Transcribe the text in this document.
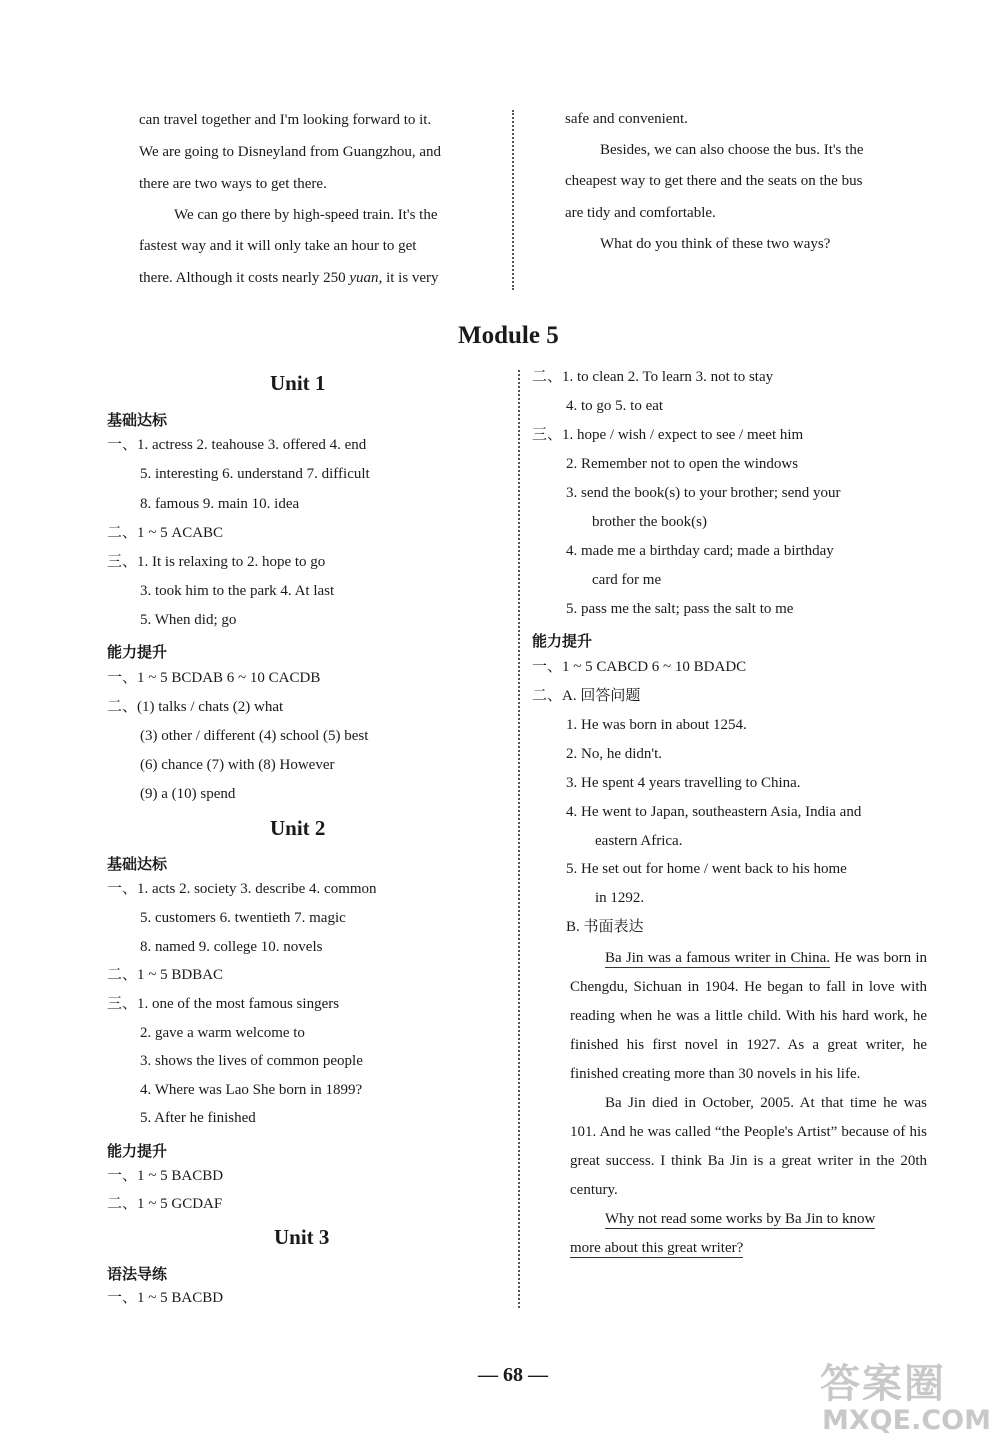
can travel together and I'm looking forward to it.
We are going to Disneyland from Guangzhou, and
there are two ways to get there.
We can go there by high-speed train. It's the
fastest way and it will only take an hour to get
there. Although it costs nearly 250 yuan, it is very
safe and convenient.
Besides, we can also choose the bus. It's the
cheapest way to get there and the seats on the bus
are tidy and comfortable.
What do you think of these two ways?
Module 5
Unit 1
基础达标
一、1. actress 2. teahouse 3. offered 4. end
5. interesting 6. understand 7. difficult
8. famous 9. main 10. idea
二、1 ~ 5 ACABC
三、1. It is relaxing to 2. hope to go
3. took him to the park 4. At last
5. When did; go
能力提升
一、1 ~ 5 BCDAB 6 ~ 10 CACDB
二、(1) talks / chats (2) what
(3) other / different (4) school (5) best
(6) chance (7) with (8) However
(9) a (10) spend
Unit 2
基础达标
一、1. acts 2. society 3. describe 4. common
5. customers 6. twentieth 7. magic
8. named 9. college 10. novels
二、1 ~ 5 BDBAC
三、1. one of the most famous singers
2. gave a warm welcome to
3. shows the lives of common people
4. Where was Lao She born in 1899?
5. After he finished
能力提升
一、1 ~ 5 BACBD
二、1 ~ 5 GCDAF
Unit 3
语法导练
一、1 ~ 5 BACBD
二、1. to clean 2. To learn 3. not to stay
4. to go 5. to eat
三、1. hope / wish / expect to see / meet him
2. Remember not to open the windows
3. send the book(s) to your brother; send your
brother the book(s)
4. made me a birthday card; made a birthday
card for me
5. pass me the salt; pass the salt to me
能力提升
一、1 ~ 5 CABCD 6 ~ 10 BDADC
二、A. 回答问题
1. He was born in about 1254.
2. No, he didn't.
3. He spent 4 years travelling to China.
4. He went to Japan, southeastern Asia, India and
eastern Africa.
5. He set out for home / went back to his home
in 1292.
B. 书面表达
Ba Jin was a famous writer in China. He was born in Chengdu, Sichuan in 1904. He began to fall in love with reading when he was a little child. With his hard work, he finished his first novel in 1927. As a great writer, he finished creating more than 30 novels in his life.
Ba Jin died in October, 2005. At that time he was 101. And he was called “the People's Artist” because of his great success. I think Ba Jin is a great writer in the 20th century.
Why not read some works by Ba Jin to know
more about this great writer?
— 68 —	答案圈
MXQE.COM
